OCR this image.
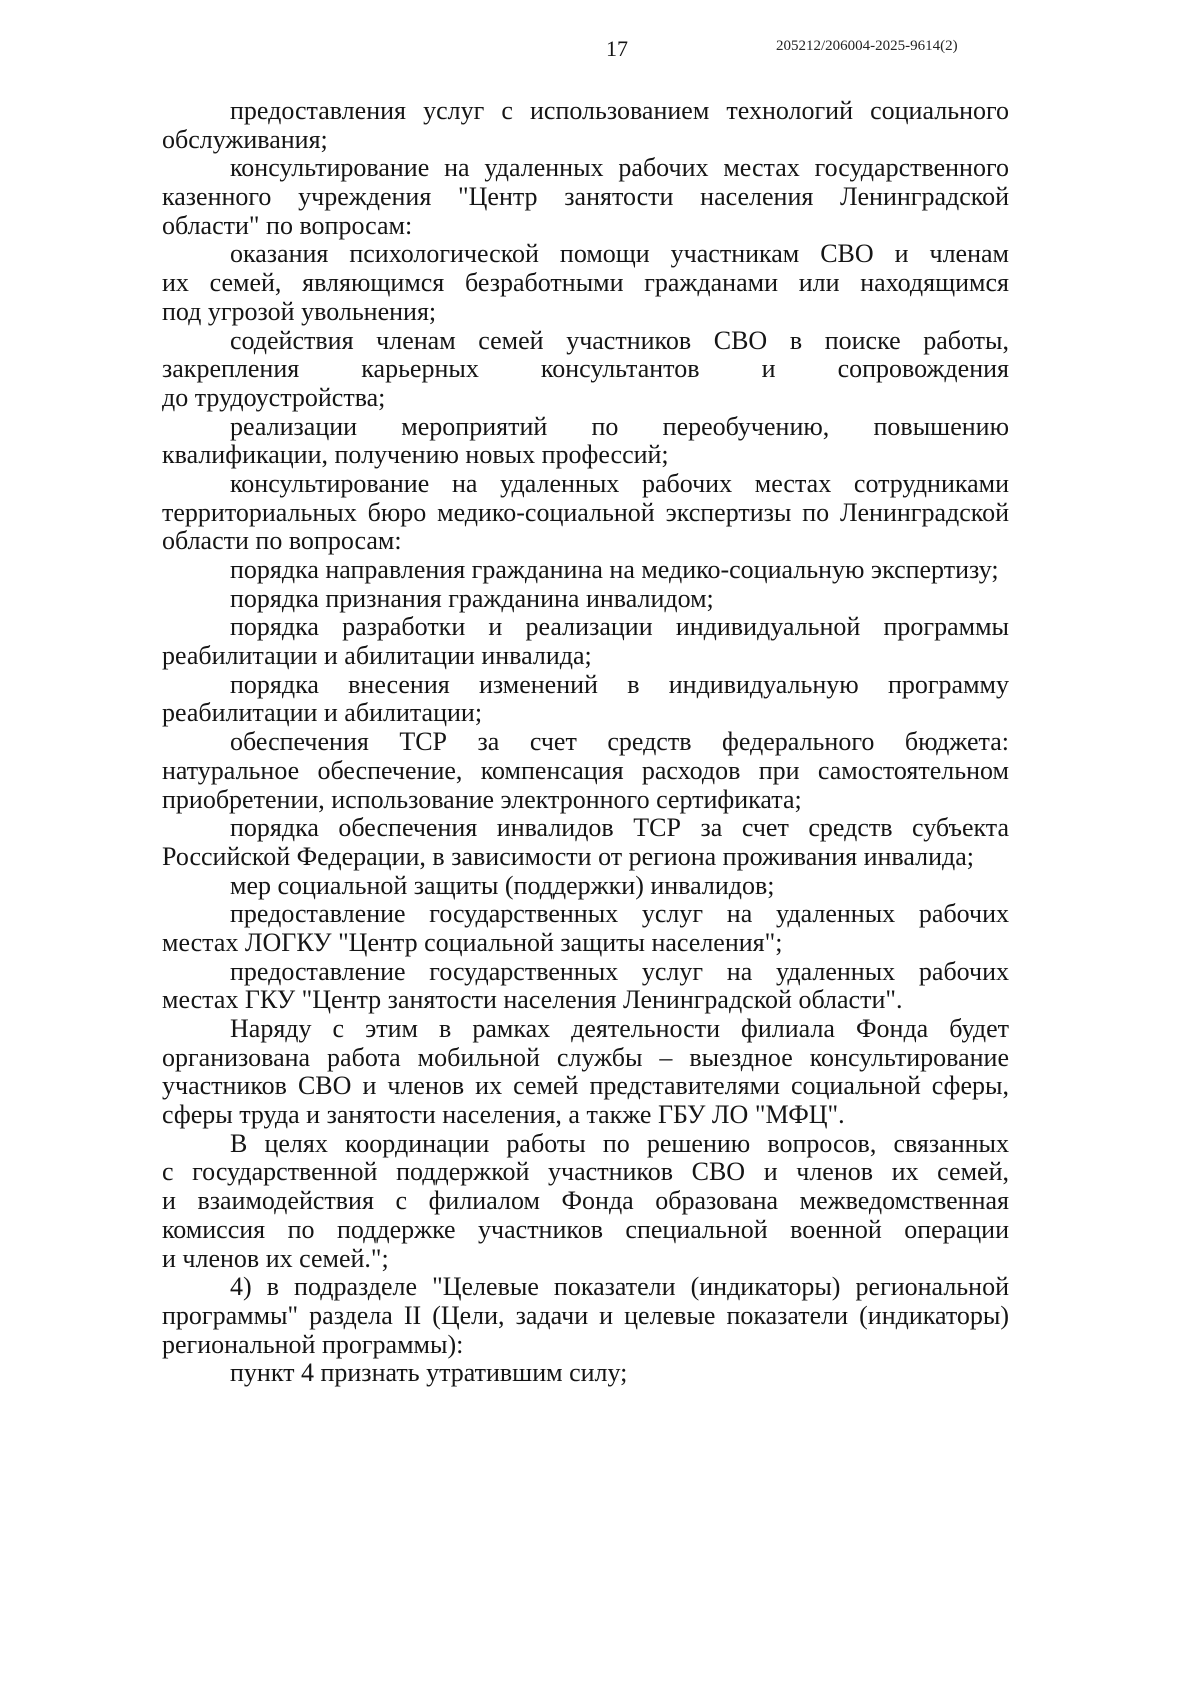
17	205212/206004-2025-9614(2)
предоставления услуг с использованием технологий социального
обслуживания;
консультирование на удаленных рабочих местах государственного
казенного учреждения "Центр занятости населения Ленинградской
области" по вопросам:
оказания психологической помощи участникам СВО и членам
их семей, являющимся безработными гражданами или находящимся
под угрозой увольнения;
содействия членам семей участников СВО в поиске работы,
закрепления карьерных консультантов и сопровождения
до трудоустройства;
реализации мероприятий по переобучению, повышению
квалификации, получению новых профессий;
консультирование на удаленных рабочих местах сотрудниками
территориальных бюро медико-социальной экспертизы по Ленинградской
области по вопросам:
порядка направления гражданина на медико-социальную экспертизу;
порядка признания гражданина инвалидом;
порядка разработки и реализации индивидуальной программы
реабилитации и абилитации инвалида;
порядка внесения изменений в индивидуальную программу
реабилитации и абилитации;
обеспечения ТСР за счет средств федерального бюджета:
натуральное обеспечение, компенсация расходов при самостоятельном
приобретении, использование электронного сертификата;
порядка обеспечения инвалидов ТСР за счет средств субъекта
Российской Федерации, в зависимости от региона проживания инвалида;
мер социальной защиты (поддержки) инвалидов;
предоставление государственных услуг на удаленных рабочих
местах ЛОГКУ "Центр социальной защиты населения";
предоставление государственных услуг на удаленных рабочих
местах ГКУ "Центр занятости населения Ленинградской области".
Наряду с этим в рамках деятельности филиала Фонда будет
организована работа мобильной службы – выездное консультирование
участников СВО и членов их семей представителями социальной сферы,
сферы труда и занятости населения, а также ГБУ ЛО "МФЦ".
В целях координации работы по решению вопросов, связанных
с государственной поддержкой участников СВО и членов их семей,
и взаимодействия с филиалом Фонда образована межведомственная
комиссия по поддержке участников специальной военной операции
и членов их семей.";
4) в подразделе "Целевые показатели (индикаторы) региональной
программы" раздела II (Цели, задачи и целевые показатели (индикаторы)
региональной программы):
пункт 4 признать утратившим силу;
